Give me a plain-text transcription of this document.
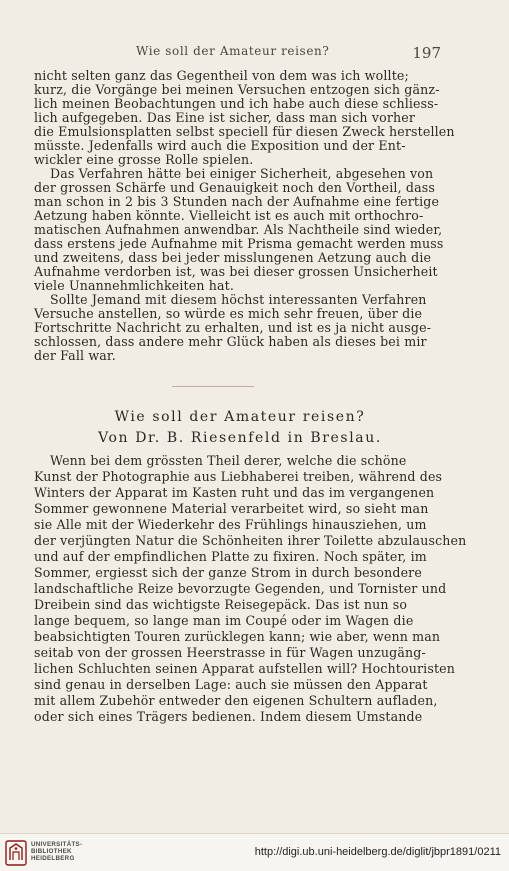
Wie soll der Amateur reisen?	197
nicht selten ganz das Gegentheil von dem was ich wollte;
kurz, die Vorgänge bei meinen Versuchen entzogen sich gänz-
lich meinen Beobachtungen und ich habe auch diese schliess-
lich aufgegeben. Das Eine ist sicher, dass man sich vorher
die Emulsionsplatten selbst speciell für diesen Zweck herstellen
müsste. Jedenfalls wird auch die Exposition und der Ent-
wickler eine grosse Rolle spielen.
Das Verfahren hätte bei einiger Sicherheit, abgesehen von
der grossen Schärfe und Genauigkeit noch den Vortheil, dass
man schon in 2 bis 3 Stunden nach der Aufnahme eine fertige
Aetzung haben könnte. Vielleicht ist es auch mit orthochro-
matischen Aufnahmen anwendbar. Als Nachtheile sind wieder,
dass erstens jede Aufnahme mit Prisma gemacht werden muss
und zweitens, dass bei jeder misslungenen Aetzung auch die
Aufnahme verdorben ist, was bei dieser grossen Unsicherheit
viele Unannehmlichkeiten hat.
Sollte Jemand mit diesem höchst interessanten Verfahren
Versuche anstellen, so würde es mich sehr freuen, über die
Fortschritte Nachricht zu erhalten, und ist es ja nicht ausge-
schlossen, dass andere mehr Glück haben als dieses bei mir
der Fall war.
Wie soll der Amateur reisen?
Von Dr. B. Riesenfeld in Breslau.
Wenn bei dem grössten Theil derer, welche die schöne
Kunst der Photographie aus Liebhaberei treiben, während des
Winters der Apparat im Kasten ruht und das im vergangenen
Sommer gewonnene Material verarbeitet wird, so sieht man
sie Alle mit der Wiederkehr des Frühlings hinausziehen, um
der verjüngten Natur die Schönheiten ihrer Toilette abzulauschen
und auf der empfindlichen Platte zu fixiren. Noch später, im
Sommer, ergiesst sich der ganze Strom in durch besondere
landschaftliche Reize bevorzugte Gegenden, und Tornister und
Dreibein sind das wichtigste Reisegepäck. Das ist nun so
lange bequem, so lange man im Coupé oder im Wagen die
beabsichtigten Touren zurücklegen kann; wie aber, wenn man
seitab von der grossen Heerstrasse in für Wagen unzugäng-
lichen Schluchten seinen Apparat aufstellen will? Hochtouristen
sind genau in derselben Lage: auch sie müssen den Apparat
mit allem Zubehör entweder den eigenen Schultern aufladen,
oder sich eines Trägers bedienen. Indem diesem Umstande
UNIVERSITÄTS-
BIBLIOTHEK
HEIDELBERG
http://digi.ub.uni-heidelberg.de/diglit/jbpr1891/0211
